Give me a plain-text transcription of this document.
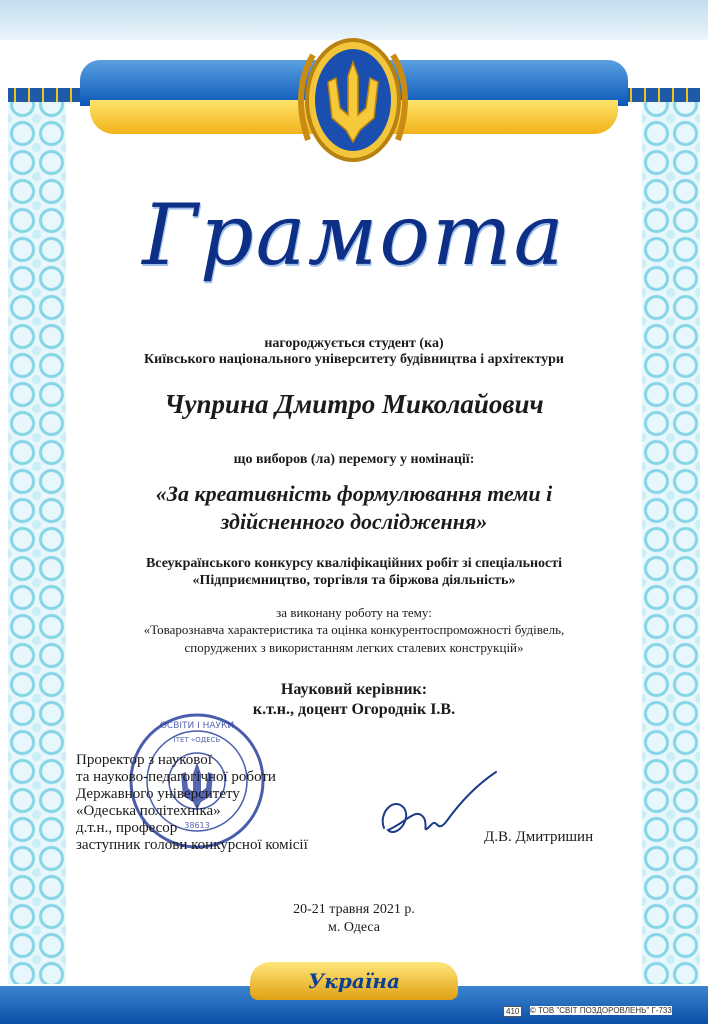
Грамота
нагороджується студент (ка)
Київського національного університету будівництва і архітектури
Чуприна Дмитро Миколайович
що виборов (ла) перемогу у номінації:
«За креативність формулювання теми і
здійсненного дослідження»
Всеукраїнського конкурсу кваліфікаційних робіт зі спеціальності
«Підприємництво, торгівля та біржова діяльність»
за виконану роботу на тему:
«Товарознавча характеристика та оцінка конкурентоспроможності будівель,
споруджених з використанням легких сталевих конструкцій»
Науковий керівник:
к.т.н., доцент Огороднік І.В.
ОСВІТИ І НАУКИ
ІТЕТ «ОДЕСЬ
38613
Проректор з наукової
та науково-педагогічної роботи
Державного університету
«Одеська політехніка»
д.т.н., професор
заступник голови конкурсної комісії	Д.В. Дмитришин
20-21 травня 2021 р.
м. Одеса
Україна
410	© ТОВ "СВІТ ПОЗДОРОВЛЕНЬ" Г-733
